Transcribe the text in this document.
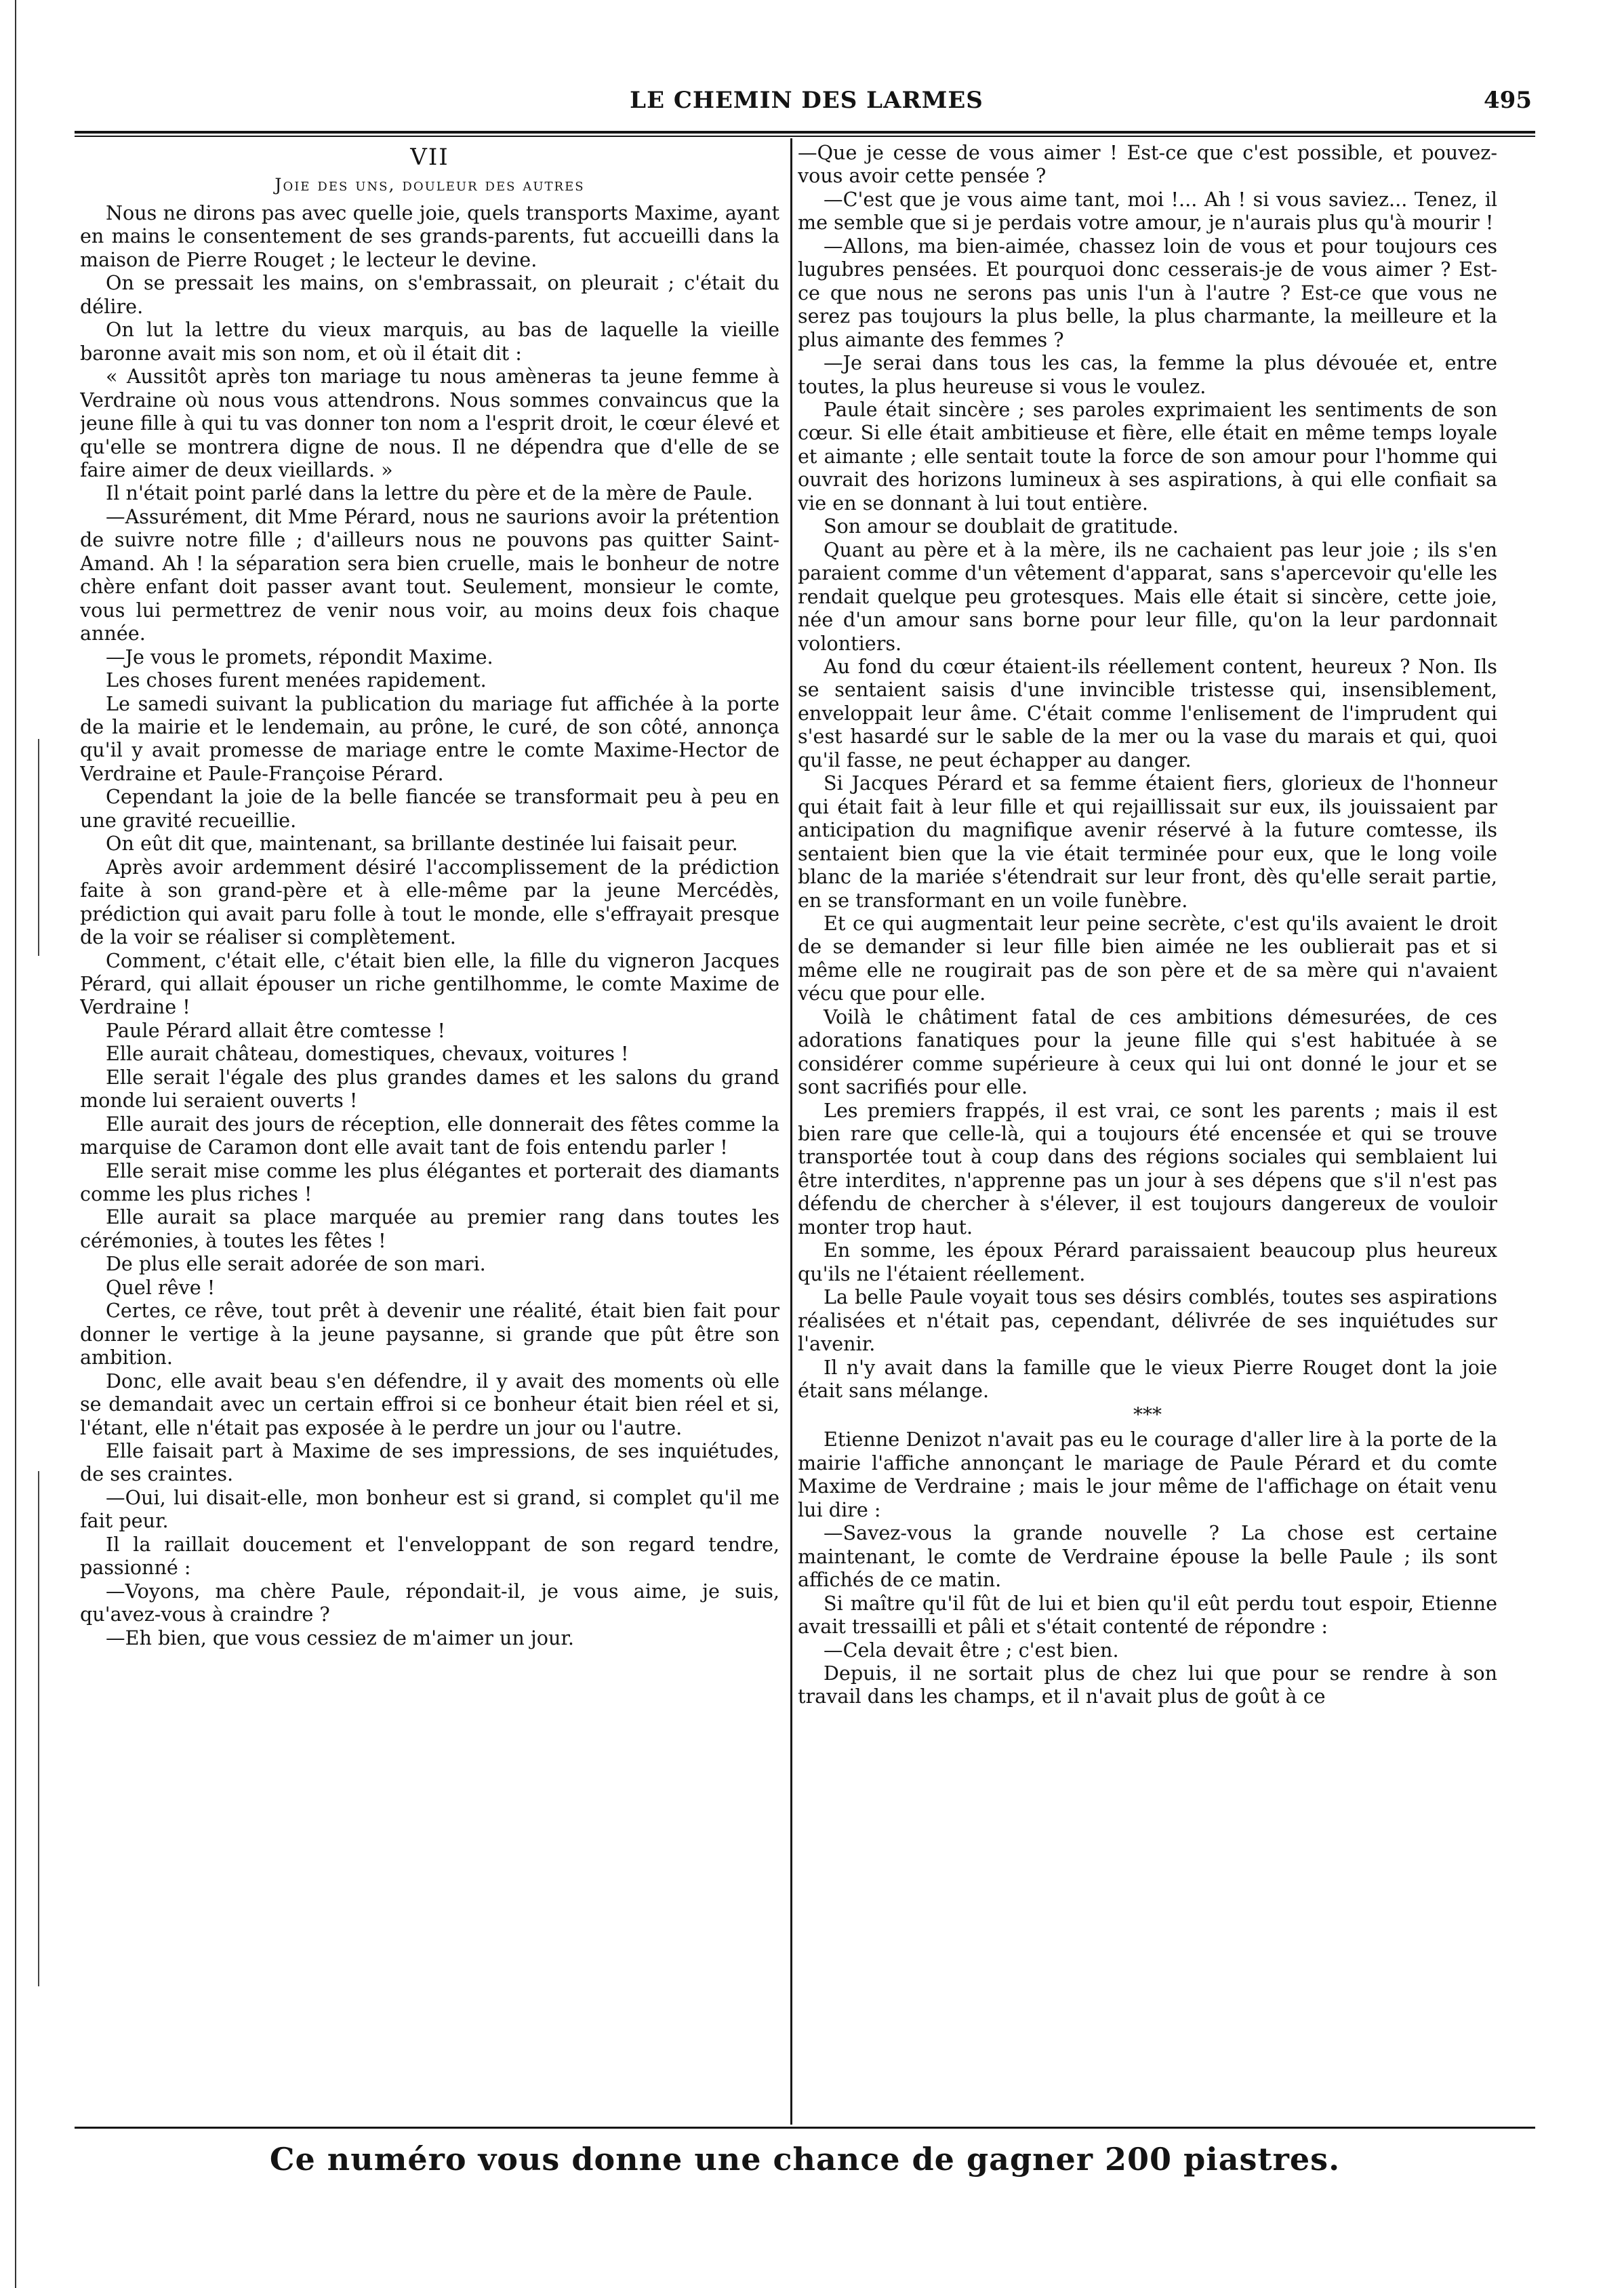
LE CHEMIN DES LARMES	495
VII
Joie des uns, douleur des autres

Nous ne dirons pas avec quelle joie, quels transports Maxime, ayant en mains le consentement de ses grands-parents, fut accueilli dans la maison de Pierre Rouget ; le lecteur le devine.

On se pressait les mains, on s'embrassait, on pleurait ; c'était du délire.

On lut la lettre du vieux marquis, au bas de laquelle la vieille baronne avait mis son nom, et où il était dit :

« Aussitôt après ton mariage tu nous amèneras ta jeune femme à Verdraine où nous vous attendrons. Nous sommes convaincus que la jeune fille à qui tu vas donner ton nom a l'esprit droit, le cœur élevé et qu'elle se montrera digne de nous. Il ne dépendra que d'elle de se faire aimer de deux vieillards. »

Il n'était point parlé dans la lettre du père et de la mère de Paule.

—Assurément, dit Mme Pérard, nous ne saurions avoir la prétention de suivre notre fille ; d'ailleurs nous ne pouvons pas quitter Saint-Amand. Ah ! la séparation sera bien cruelle, mais le bonheur de notre chère enfant doit passer avant tout. Seulement, monsieur le comte, vous lui permettrez de venir nous voir, au moins deux fois chaque année.

—Je vous le promets, répondit Maxime.

Les choses furent menées rapidement.

Le samedi suivant la publication du mariage fut affichée à la porte de la mairie et le lendemain, au prône, le curé, de son côté, annonça qu'il y avait promesse de mariage entre le comte Maxime-Hector de Verdraine et Paule-Françoise Pérard.

Cependant la joie de la belle fiancée se transformait peu à peu en une gravité recueillie.

On eût dit que, maintenant, sa brillante destinée lui faisait peur.

Après avoir ardemment désiré l'accomplissement de la prédiction faite à son grand-père et à elle-même par la jeune Mercédès, prédiction qui avait paru folle à tout le monde, elle s'effrayait presque de la voir se réaliser si complètement.

Comment, c'était elle, c'était bien elle, la fille du vigneron Jacques Pérard, qui allait épouser un riche gentilhomme, le comte Maxime de Verdraine !

Paule Pérard allait être comtesse !

Elle aurait château, domestiques, chevaux, voitures !

Elle serait l'égale des plus grandes dames et les salons du grand monde lui seraient ouverts !

Elle aurait des jours de réception, elle donnerait des fêtes comme la marquise de Caramon dont elle avait tant de fois entendu parler !

Elle serait mise comme les plus élégantes et porterait des diamants comme les plus riches !

Elle aurait sa place marquée au premier rang dans toutes les cérémonies, à toutes les fêtes !

De plus elle serait adorée de son mari.

Quel rêve !

Certes, ce rêve, tout prêt à devenir une réalité, était bien fait pour donner le vertige à la jeune paysanne, si grande que pût être son ambition.

Donc, elle avait beau s'en défendre, il y avait des moments où elle se demandait avec un certain effroi si ce bonheur était bien réel et si, l'étant, elle n'était pas exposée à le perdre un jour ou l'autre.

Elle faisait part à Maxime de ses impressions, de ses inquiétudes, de ses craintes.

—Oui, lui disait-elle, mon bonheur est si grand, si complet qu'il me fait peur.

Il la raillait doucement et l'enveloppant de son regard tendre, passionné :

—Voyons, ma chère Paule, répondait-il, je vous aime, je suis, qu'avez-vous à craindre ?

—Eh bien, que vous cessiez de m'aimer un jour.

—Que je cesse de vous aimer ! Est-ce que c'est possible, et pouvez-vous avoir cette pensée ?

—C'est que je vous aime tant, moi !... Ah ! si vous saviez... Tenez, il me semble que si je perdais votre amour, je n'aurais plus qu'à mourir !

—Allons, ma bien-aimée, chassez loin de vous et pour toujours ces lugubres pensées. Et pourquoi donc cesserais-je de vous aimer ? Est-ce que nous ne serons pas unis l'un à l'autre ? Est-ce que vous ne serez pas toujours la plus belle, la plus charmante, la meilleure et la plus aimante des femmes ?

—Je serai dans tous les cas, la femme la plus dévouée et, entre toutes, la plus heureuse si vous le voulez.

Paule était sincère ; ses paroles exprimaient les sentiments de son cœur. Si elle était ambitieuse et fière, elle était en même temps loyale et aimante ; elle sentait toute la force de son amour pour l'homme qui ouvrait des horizons lumineux à ses aspirations, à qui elle confiait sa vie en se donnant à lui tout entière.

Son amour se doublait de gratitude.

Quant au père et à la mère, ils ne cachaient pas leur joie ; ils s'en paraient comme d'un vêtement d'apparat, sans s'apercevoir qu'elle les rendait quelque peu grotesques. Mais elle était si sincère, cette joie, née d'un amour sans borne pour leur fille, qu'on la leur pardonnait volontiers.

Au fond du cœur étaient-ils réellement content, heureux ? Non. Ils se sentaient saisis d'une invincible tristesse qui, insensiblement, enveloppait leur âme. C'était comme l'enlisement de l'imprudent qui s'est hasardé sur le sable de la mer ou la vase du marais et qui, quoi qu'il fasse, ne peut échapper au danger.

Si Jacques Pérard et sa femme étaient fiers, glorieux de l'honneur qui était fait à leur fille et qui rejaillissait sur eux, ils jouissaient par anticipation du magnifique avenir réservé à la future comtesse, ils sentaient bien que la vie était terminée pour eux, que le long voile blanc de la mariée s'étendrait sur leur front, dès qu'elle serait partie, en se transformant en un voile funèbre.

Et ce qui augmentait leur peine secrète, c'est qu'ils avaient le droit de se demander si leur fille bien aimée ne les oublierait pas et si même elle ne rougirait pas de son père et de sa mère qui n'avaient vécu que pour elle.

Voilà le châtiment fatal de ces ambitions démesurées, de ces adorations fanatiques pour la jeune fille qui s'est habituée à se considérer comme supérieure à ceux qui lui ont donné le jour et se sont sacrifiés pour elle.

Les premiers frappés, il est vrai, ce sont les parents ; mais il est bien rare que celle-là, qui a toujours été encensée et qui se trouve transportée tout à coup dans des régions sociales qui semblaient lui être interdites, n'apprenne pas un jour à ses dépens que s'il n'est pas défendu de chercher à s'élever, il est toujours dangereux de vouloir monter trop haut.

En somme, les époux Pérard paraissaient beaucoup plus heureux qu'ils ne l'étaient réellement.

La belle Paule voyait tous ses désirs comblés, toutes ses aspirations réalisées et n'était pas, cependant, délivrée de ses inquiétudes sur l'avenir.

Il n'y avait dans la famille que le vieux Pierre Rouget dont la joie était sans mélange.

***

Etienne Denizot n'avait pas eu le courage d'aller lire à la porte de la mairie l'affiche annonçant le mariage de Paule Pérard et du comte Maxime de Verdraine ; mais le jour même de l'affichage on était venu lui dire :

—Savez-vous la grande nouvelle ? La chose est certaine maintenant, le comte de Verdraine épouse la belle Paule ; ils sont affichés de ce matin.

Si maître qu'il fût de lui et bien qu'il eût perdu tout espoir, Etienne avait tressailli et pâli et s'était contenté de répondre :

—Cela devait être ; c'est bien.

Depuis, il ne sortait plus de chez lui que pour se rendre à son travail dans les champs, et il n'avait plus de goût à ce

Ce numéro vous donne une chance de gagner 200 piastres.
